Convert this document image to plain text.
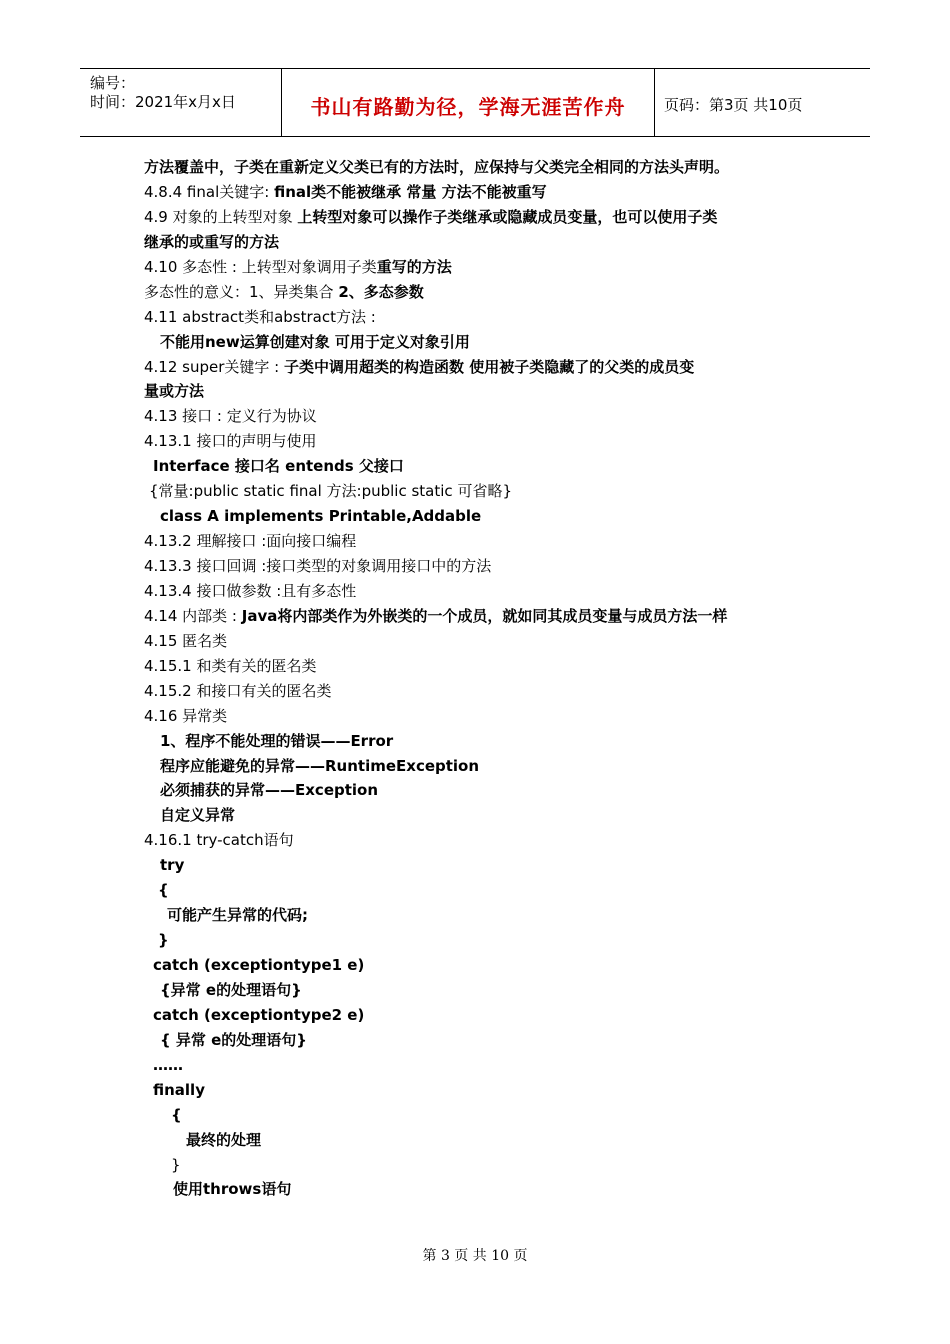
编号：
时间：2021年x月x日	书山有路勤为径，学海无涯苦作舟	页码：第3页 共10页
方法覆盖中，子类在重新定义父类已有的方法时，应保持与父类完全相同的方法头声明。
4.8.4 final关键字: final类不能被继承 常量 方法不能被重写
4.9 对象的上转型对象 上转型对象可以操作子类继承或隐藏成员变量，也可以使用子类
继承的或重写的方法
4.10 多态性 : 上转型对象调用子类重写的方法
多态性的意义：1、异类集合 2、多态参数
4.11 abstract类和abstract方法 :
不能用new运算创建对象 可用于定义对象引用
4.12 super关键字 : 子类中调用超类的构造函数 使用被子类隐藏了的父类的成员变
量或方法
4.13 接口 : 定义行为协议
4.13.1 接口的声明与使用
Interface 接口名 entends 父接口
{常量:public static final 方法:public static 可省略}
class A implements Printable,Addable
4.13.2 理解接口 :面向接口编程
4.13.3 接口回调 :接口类型的对象调用接口中的方法
4.13.4 接口做参数 :且有多态性
4.14 内部类 : Java将内部类作为外嵌类的一个成员，就如同其成员变量与成员方法一样
4.15 匿名类
4.15.1 和类有关的匿名类
4.15.2 和接口有关的匿名类
4.16 异常类
1、程序不能处理的错误——Error
程序应能避免的异常——RuntimeException
必须捕获的异常——Exception
自定义异常
4.16.1 try-catch语句
try
{
可能产生异常的代码;
}
catch (exceptiontype1 e)
{异常 e的处理语句}
catch (exceptiontype2 e)
{ 异常 e的处理语句}
……
finally
{
最终的处理
}
使用throws语句
第 3 页 共 10 页
